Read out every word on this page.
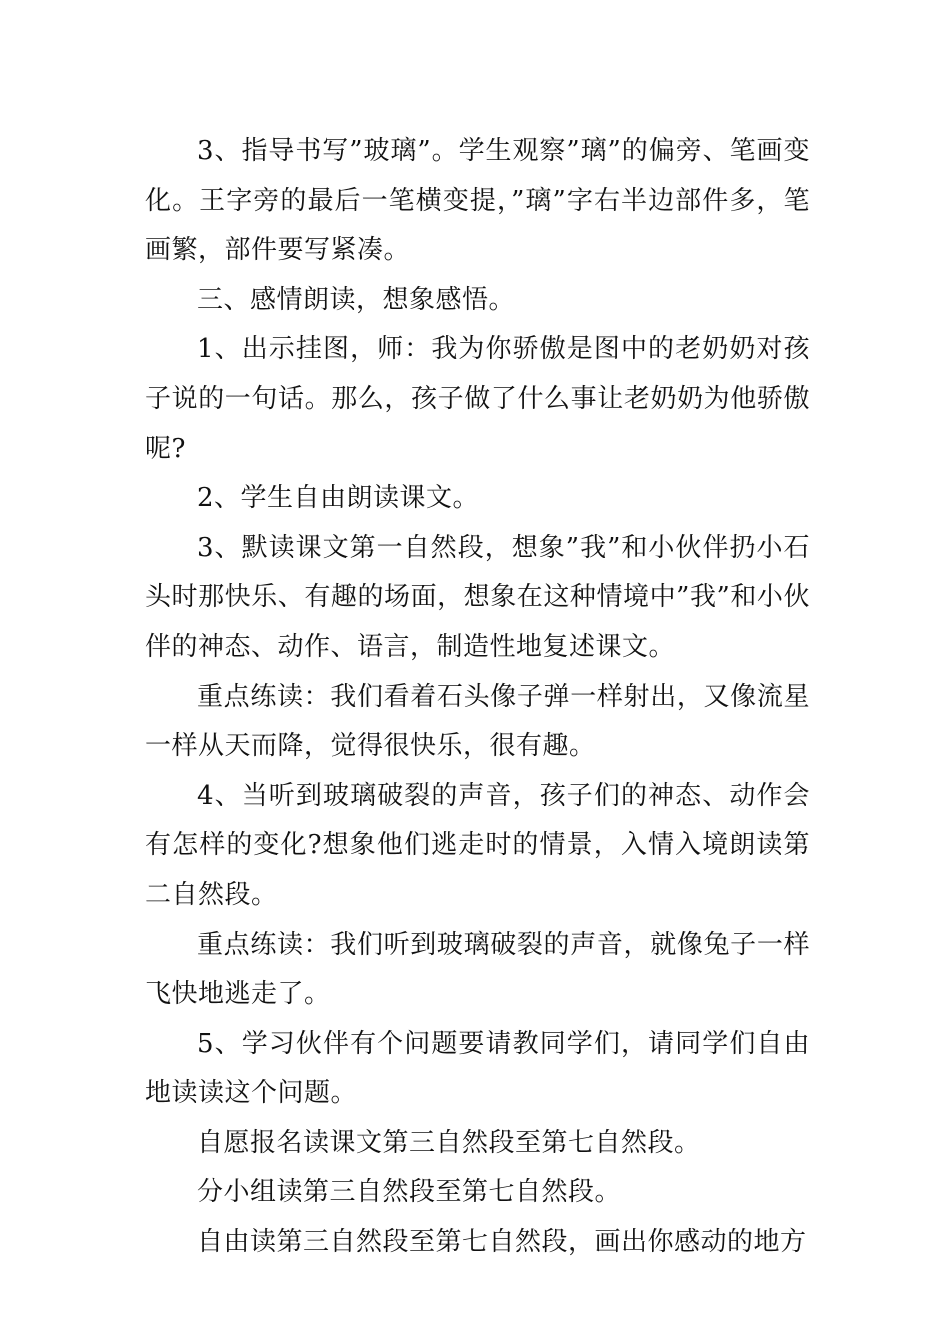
3、指导书写”玻璃”。学生观察”璃”的偏旁、笔画变化。王字旁的最后一笔横变提，”璃”字右半边部件多，笔画繁，部件要写紧凑。

三、感情朗读，想象感悟。

1、出示挂图，师：我为你骄傲是图中的老奶奶对孩子说的一句话。那么，孩子做了什么事让老奶奶为他骄傲呢?

2、学生自由朗读课文。

3、默读课文第一自然段，想象”我”和小伙伴扔小石头时那快乐、有趣的场面，想象在这种情境中”我”和小伙伴的神态、动作、语言，制造性地复述课文。

重点练读：我们看着石头像子弹一样射出，又像流星一样从天而降，觉得很快乐，很有趣。

4、当听到玻璃破裂的声音，孩子们的神态、动作会有怎样的变化?想象他们逃走时的情景，入情入境朗读第二自然段。

重点练读：我们听到玻璃破裂的声音，就像兔子一样飞快地逃走了。

5、学习伙伴有个问题要请教同学们，请同学们自由地读读这个问题。

自愿报名读课文第三自然段至第七自然段。

分小组读第三自然段至第七自然段。

自由读第三自然段至第七自然段，画出你感动的地方
